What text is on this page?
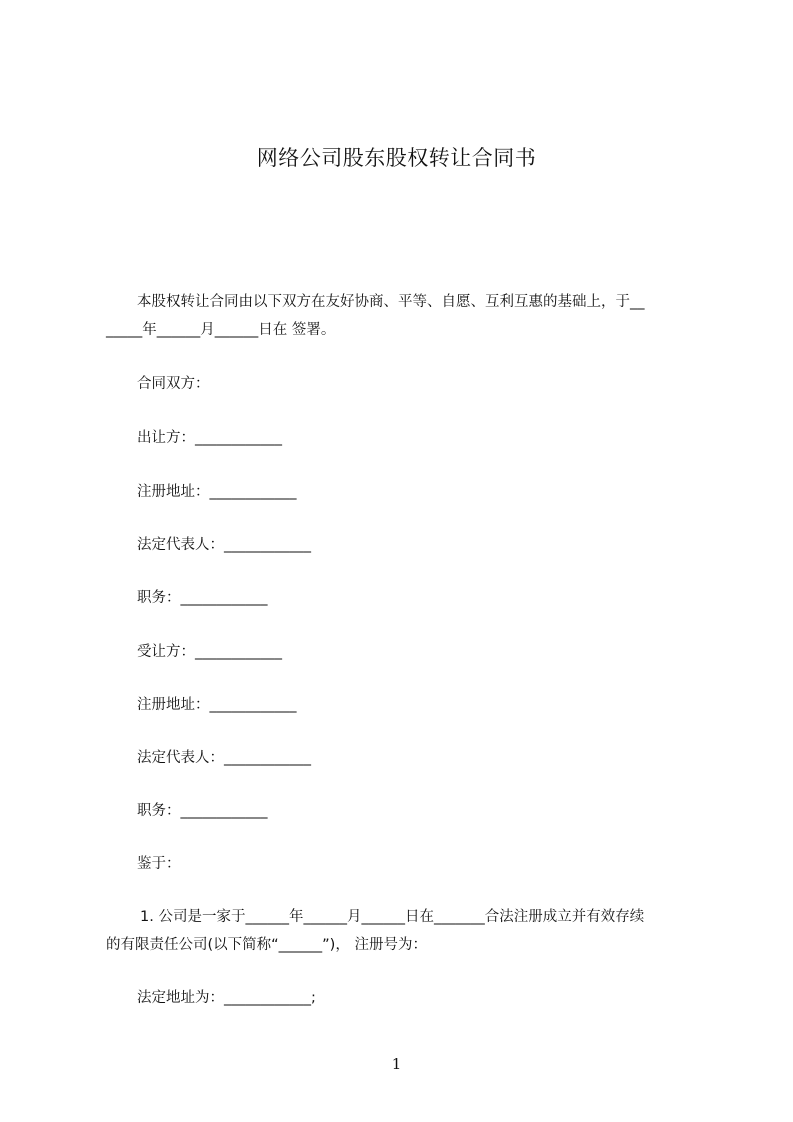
网络公司股东股权转让合同书
本股权转让合同由以下双方在友好协商、平等、自愿、互利互惠的基础上，于__
_____年______月______日在 签署。
合同双方：
出让方：____________
注册地址：____________
法定代表人：____________
职务：____________
受让方：____________
注册地址：____________
法定代表人：____________
职务：____________
鉴于：
1. 公司是一家于______年______月______日在_______合法注册成立并有效存续
的有限责任公司(以下简称“______”)， 注册号为：
法定地址为：____________;
1
